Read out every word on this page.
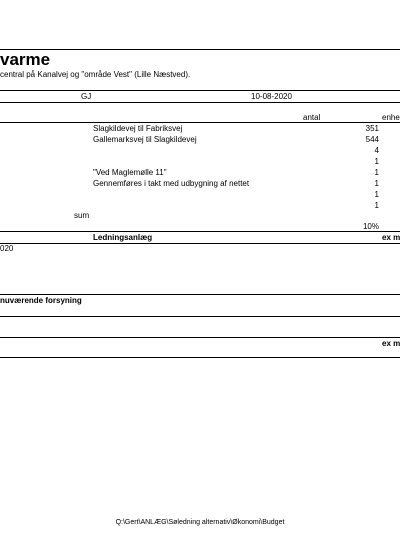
varme
central på Kanalvej og "område Vest" (Lille Næstved).
GJ	10-08-2020
antal	enhe
Slagkildevej til Fabriksvej	351
Gallemarksvej til Slagkildevej	544
4
1
"Ved Maglemølle 11"	1
Gennemføres i takt med udbygning af nettet	1
1
1
sum
10%
Ledningsanlæg	ex m
020
nuværende forsyning
ex m
Q:\Gert\ANLÆG\Søledning alternativ\Økonomi\Budget
